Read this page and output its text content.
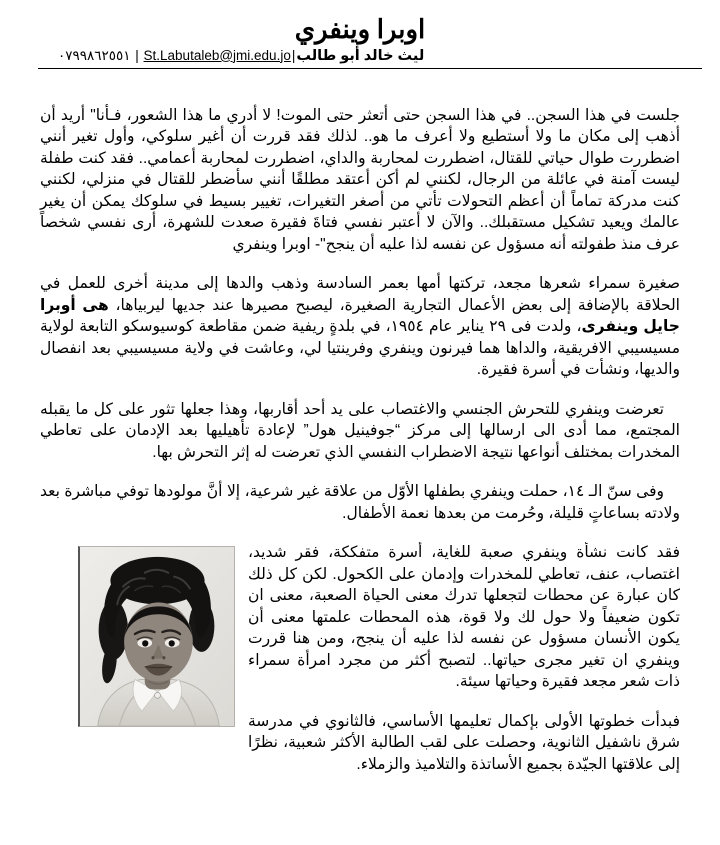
اوبرا وينفري
ليث خالد أبو طالب|St.Labutaleb@jmi.edu.jo | ٠٧٩٩٨٦٢٥٥١

جلست في هذا السجن.. في هذا السجن حتى أتعثر حتى الموت! لا أدري ما هذا الشعور، فـأنا" أريد أن أذهب إلى مكان ما ولا أستطيع ولا أعرف ما هو.. لذلك فقد قررت أن أغير سلوكي، وأول تغير أنني اضطررت طوال حياتي للقتال، اضطررت لمحاربة والداي، اضطررت لمحاربة أعمامي.. فقد كنت طفلة ليست آمنة في عائلة من الرجال، لكنني لم أكن أعتقد مطلقًا أنني سأضطر للقتال في منزلي، لكنني كنت مدركة تماماً أن أعظم التحولات تأتي من أصغر التغيرات، تغيير بسيط في سلوكك يمكن أن يغير عالمك ويعيد تشكيل مستقبلك.. والآن لا أعتبر نفسي فتاةَ فقيرة صعدت للشهرة، أرى نفسي شخصاً عرف منذ طفولته أنه مسؤول عن نفسه لذا عليه أن ينجح"- اوبرا وينفري

صغيرة سمراء شعرها مجعد، تركتها أمها بعمر السادسة وذهب والدها إلى مدينة أخرى للعمل في الحلاقة بالإضافة إلى بعض الأعمال التجارية الصغيرة، ليصبح مصيرها عند جديها ليربياها، هى أوبرا جايل وينفرى، ولدت فى ٢٩ يناير عام ١٩٥٤، في بلدةٍ ريفية ضمن مقاطعة كوسيوسكو التابعة لولاية مسيسيبي الافريقية، والداها هما فيرنون وينفري وفرينتيا لي، وعاشت في ولاية مسيسيبي بعد انفصال والديها، ونشأت في أسرة فقيرة.

تعرضت وينفري للتحرش الجنسي والاغتصاب على يد أحد أقاربها، وهذا جعلها تثور على كل ما يقبله المجتمع، مما أدى الى ارسالها إلى مركز “جوفينيل هول” لإعادة تأهيليها بعد الإدمان على تعاطي المخدرات بمختلف أنواعها نتيجة الاضطراب النفسي الذي تعرضت له إثر التحرش بها.

وفى سنّ الـ ١٤، حملت وينفري بطفلها الأوّل من علاقة غير شرعية، إلا أنَّ مولودها توفي مباشرة بعد ولادته بساعاتٍ قليلة، وحُرمت من بعدها نعمة الأطفال.

فقد كانت نشأة وينفري صعبة للغاية، أسرة متفككة، فقر شديد، اغتصاب، عنف، تعاطي للمخدرات وإدمان على الكحول. لكن كل ذلك كان عبارة عن محطات لتجعلها تدرك معنى الحياة الصعبة، معنى ان تكون ضعيفاً ولا حول لك ولا قوة، هذه المحطات علمتها معنى أن يكون الأنسان مسؤول عن نفسه لذا عليه أن ينجح، ومن هنا قررت وينفري ان تغير مجرى حياتها.. لتصبح أكثر من مجرد امرأة سمراء ذات شعر مجعد فقيرة وحياتها سيئة.

فبدأت خطوتها الأولى بإكمال تعليمها الأساسي، فالثانوي في مدرسة شرق ناشفيل الثانوية، وحصلت على لقب الطالبة الأكثر شعبية، نظرًا إلى علاقتها الجيّدة بجميع الأساتذة والتلاميذ والزملاء.
